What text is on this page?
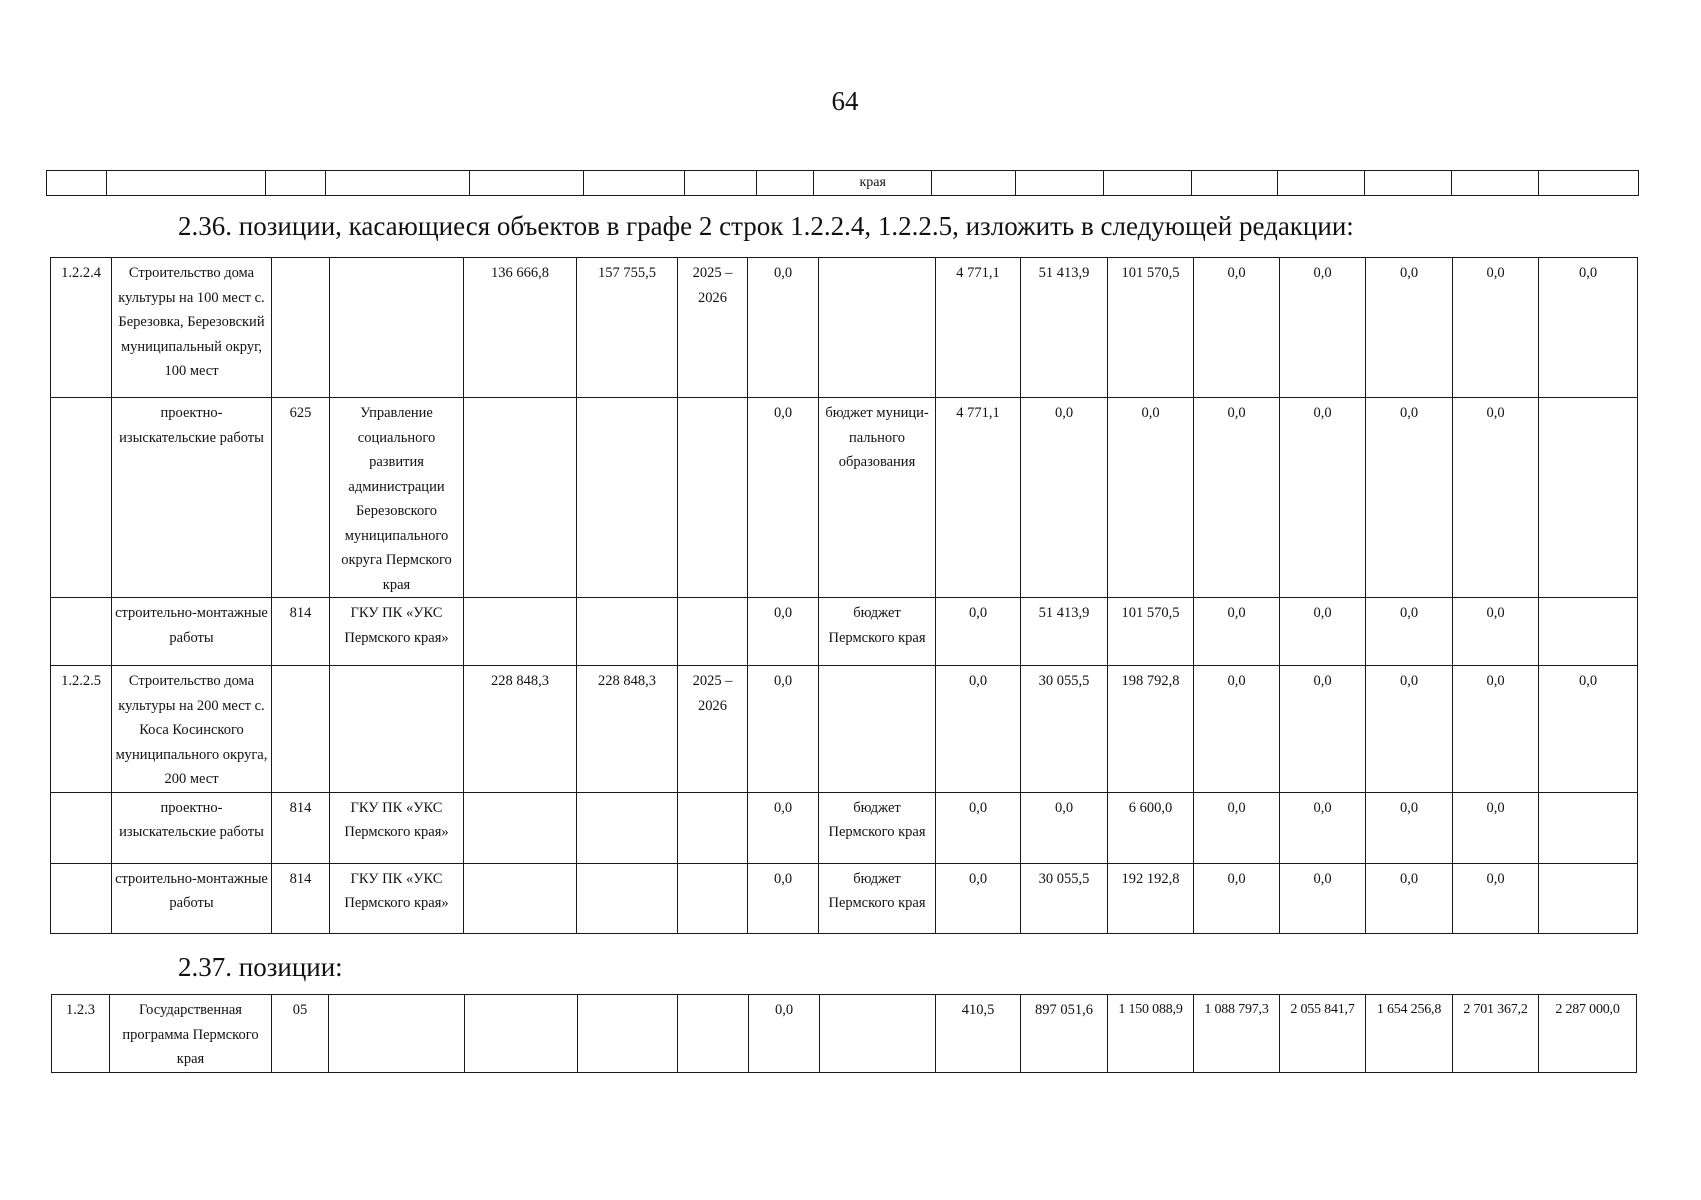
64
								края								
2.36. позиции, касающиеся объектов в графе 2 строк 1.2.2.4, 1.2.2.5, изложить в следующей редакции:
1.2.2.4	Строительство дома культуры на 100 мест с. Березовка, Березовский муниципальный округ, 100 мест			136 666,8	157 755,5	2025 – 2026	0,0		4 771,1	51 413,9	101 570,5	0,0	0,0	0,0	0,0	0,0
	проектно-изыскательские работы	625	Управление социального развития администрации Березовского муниципального округа Пермского края				0,0	бюджет муници-пального образования	4 771,1	0,0	0,0	0,0	0,0	0,0	0,0	
	строительно-монтажные работы	814	ГКУ ПК «УКС Пермского края»				0,0	бюджет Пермского края	0,0	51 413,9	101 570,5	0,0	0,0	0,0	0,0	
1.2.2.5	Строительство дома культуры на 200 мест с. Коса Косинского муниципального округа, 200 мест			228 848,3	228 848,3	2025 – 2026	0,0		0,0	30 055,5	198 792,8	0,0	0,0	0,0	0,0	0,0
	проектно-изыскательские работы	814	ГКУ ПК «УКС Пермского края»				0,0	бюджет Пермского края	0,0	0,0	6 600,0	0,0	0,0	0,0	0,0	
	строительно-монтажные работы	814	ГКУ ПК «УКС Пермского края»				0,0	бюджет Пермского края	0,0	30 055,5	192 192,8	0,0	0,0	0,0	0,0	
2.37. позиции:
1.2.3	Государственная программа Пермского края	05					0,0		410,5	897 051,6	1 150 088,9	1 088 797,3	2 055 841,7	1 654 256,8	2 701 367,2	2 287 000,0
